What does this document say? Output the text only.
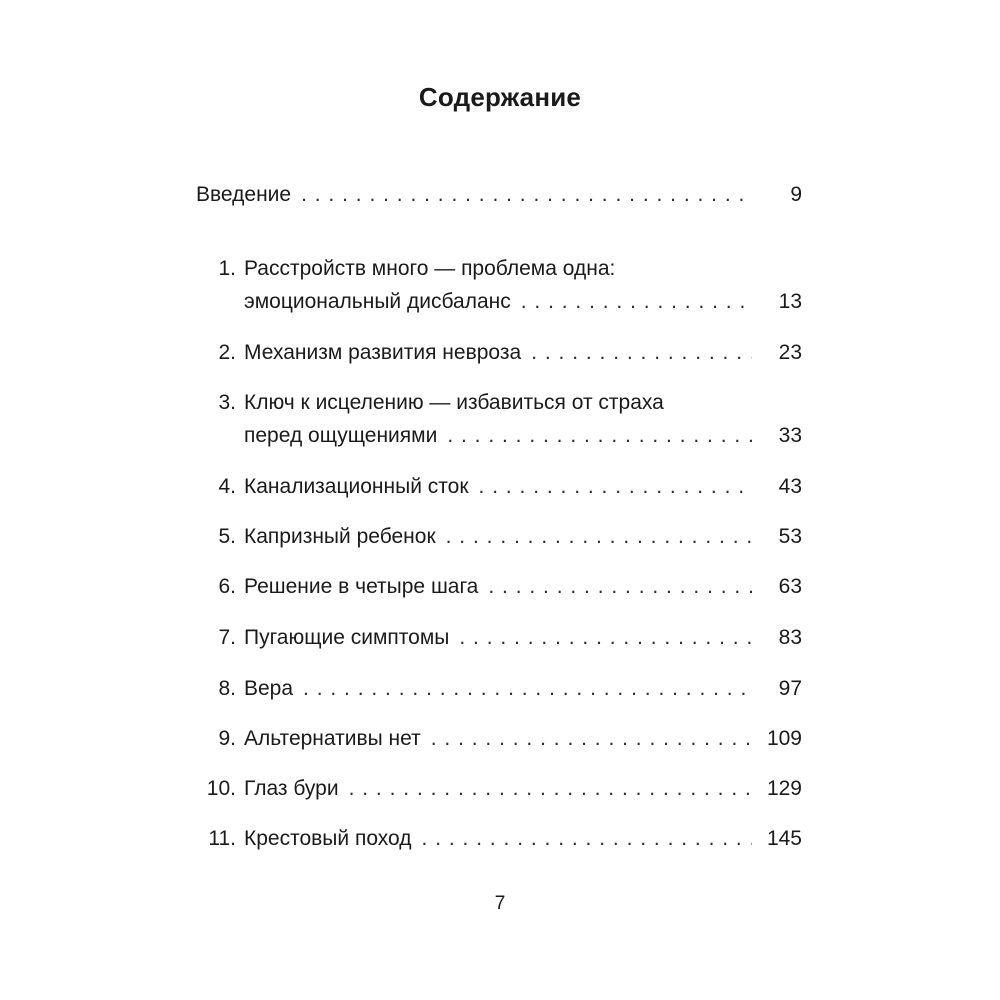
Содержание
Введение . . .	9
1. Расстройств много — проблема одна:
эмоциональный дисбаланс . . .	13
2. Механизм развития невроза . . .	23
3. Ключ к исцелению — избавиться от страха
перед ощущениями . . .	33
4. Канализационный сток . . .	43
5. Капризный ребенок . . .	53
6. Решение в четыре шага . . .	63
7. Пугающие симптомы . . .	83
8. Вера . . .	97
9. Альтернативы нет . . .	109
10. Глаз бури . . .	129
11. Крестовый поход . . .	145
7
